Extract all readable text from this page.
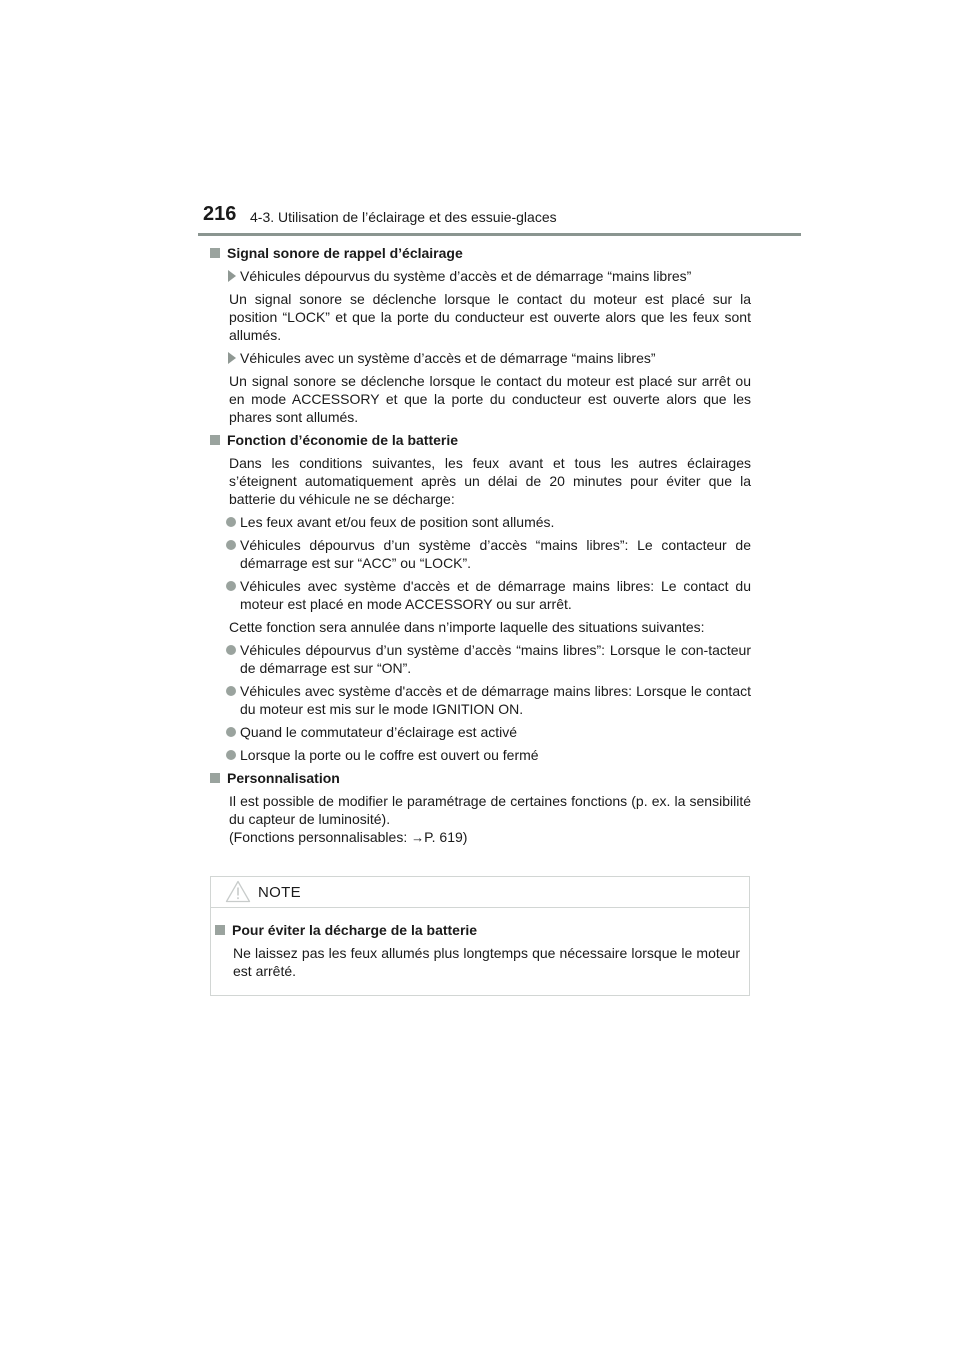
216 4-3. Utilisation de l’éclairage et des essuie-glaces
Signal sonore de rappel d’éclairage
Véhicules dépourvus du système d’accès et de démarrage “mains libres”
Un signal sonore se déclenche lorsque le contact du moteur est placé sur la position “LOCK” et que la porte du conducteur est ouverte alors que les feux sont allumés.
Véhicules avec un système d’accès et de démarrage “mains libres”
Un signal sonore se déclenche lorsque le contact du moteur est placé sur arrêt ou en mode ACCESSORY et que la porte du conducteur est ouverte alors que les phares sont allumés.
Fonction d’économie de la batterie
Dans les conditions suivantes, les feux avant et tous les autres éclairages s’éteignent automatiquement après un délai de 20 minutes pour éviter que la batterie du véhicule ne se décharge:
Les feux avant et/ou feux de position sont allumés.
Véhicules dépourvus d’un système d’accès “mains libres”: Le contacteur de démarrage est sur “ACC” ou “LOCK”.
Véhicules avec système d'accès et de démarrage mains libres: Le contact du moteur est placé en mode ACCESSORY ou sur arrêt.
Cette fonction sera annulée dans n’importe laquelle des situations suivantes:
Véhicules dépourvus d’un système d’accès “mains libres”: Lorsque le con-tacteur de démarrage est sur “ON”.
Véhicules avec système d'accès et de démarrage mains libres: Lorsque le contact du moteur est mis sur le mode IGNITION ON.
Quand le commutateur d’éclairage est activé
Lorsque la porte ou le coffre est ouvert ou fermé
Personnalisation
Il est possible de modifier le paramétrage de certaines fonctions (p. ex. la sensibilité du capteur de luminosité).
(Fonctions personnalisables: →P. 619)
NOTE
Pour éviter la décharge de la batterie
Ne laissez pas les feux allumés plus longtemps que nécessaire lorsque le moteur est arrêté.
